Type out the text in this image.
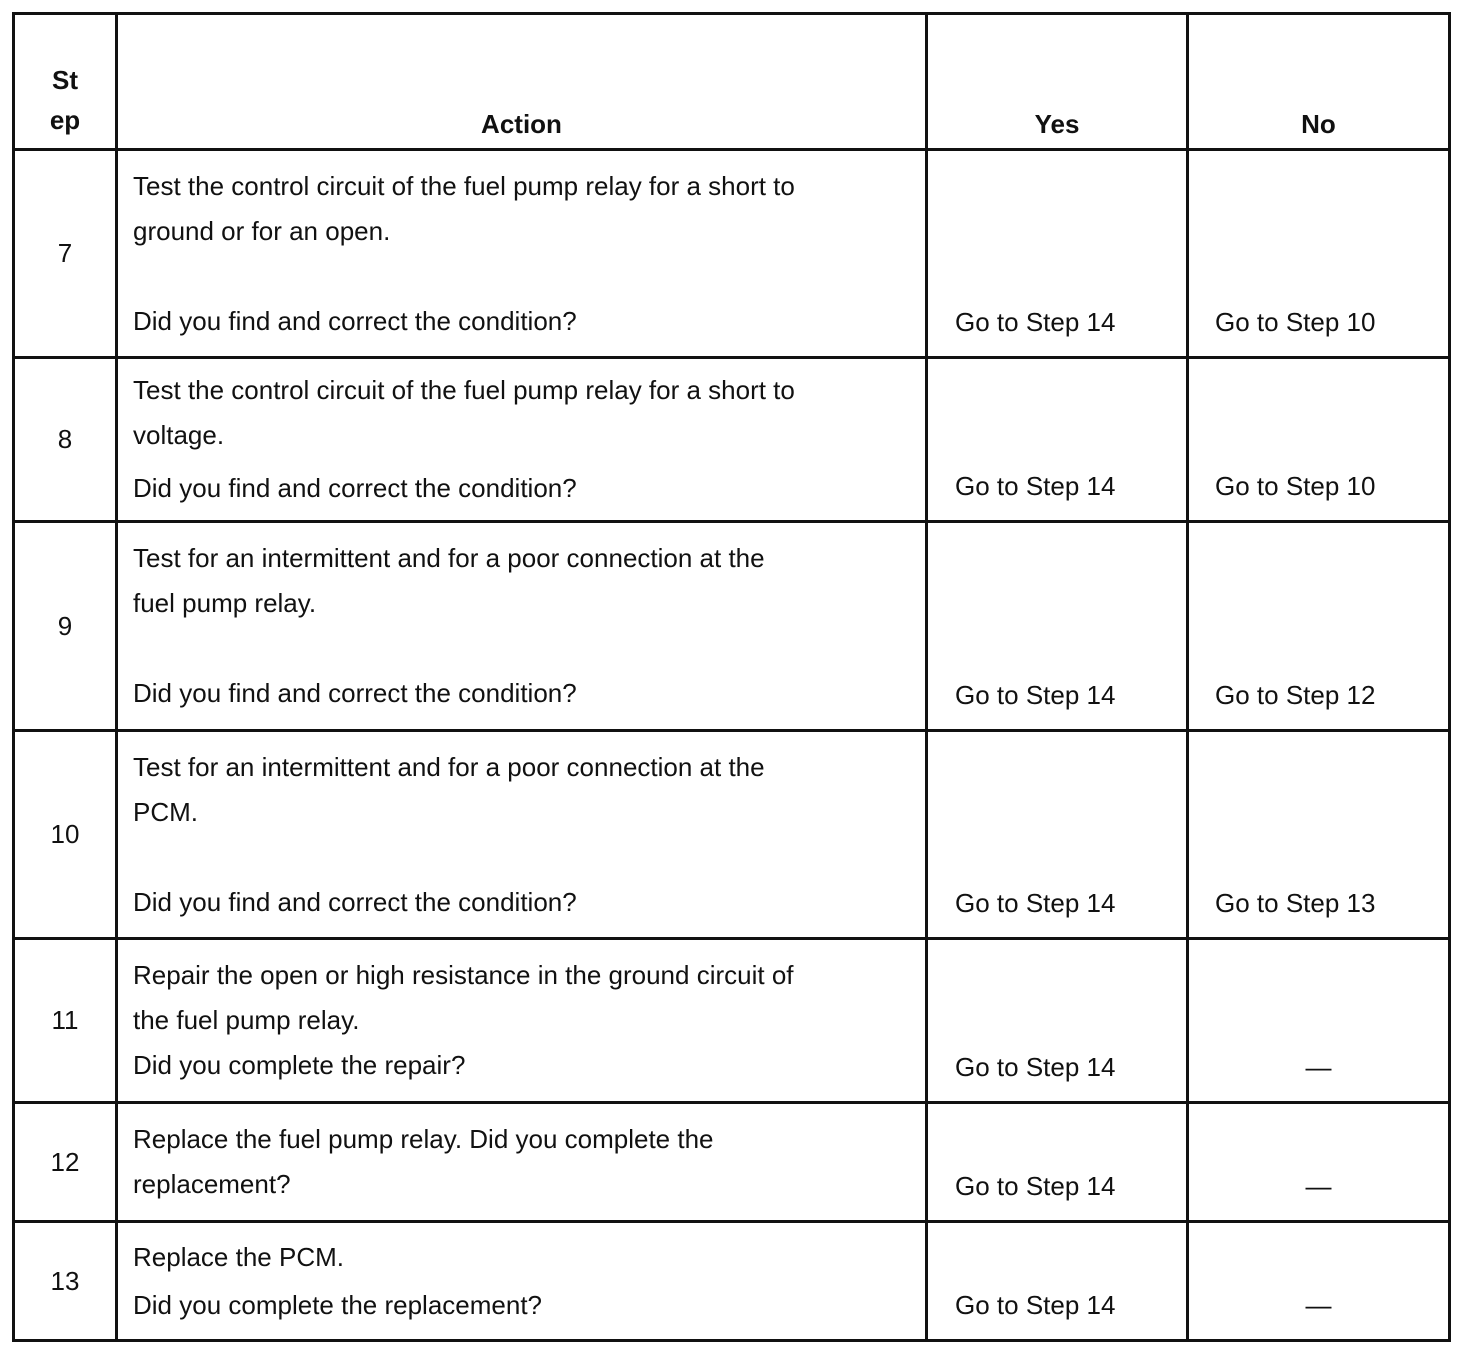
St
ep	Action	Yes	No
7	Test the control circuit of the fuel pump relay for a short to
ground or for an open.
Did you find and correct the condition?	Go to Step 14	Go to Step 10
8	Test the control circuit of the fuel pump relay for a short to
voltage.
Did you find and correct the condition?	Go to Step 14	Go to Step 10
9	Test for an intermittent and for a poor connection at the
fuel pump relay.
Did you find and correct the condition?	Go to Step 14	Go to Step 12
10	Test for an intermittent and for a poor connection at the
PCM.
Did you find and correct the condition?	Go to Step 14	Go to Step 13
11	Repair the open or high resistance in the ground circuit of
the fuel pump relay.
Did you complete the repair?	Go to Step 14	—
12	Replace the fuel pump relay. Did you complete the
replacement?	Go to Step 14	—
13	Replace the PCM.
Did you complete the replacement?	Go to Step 14	—
